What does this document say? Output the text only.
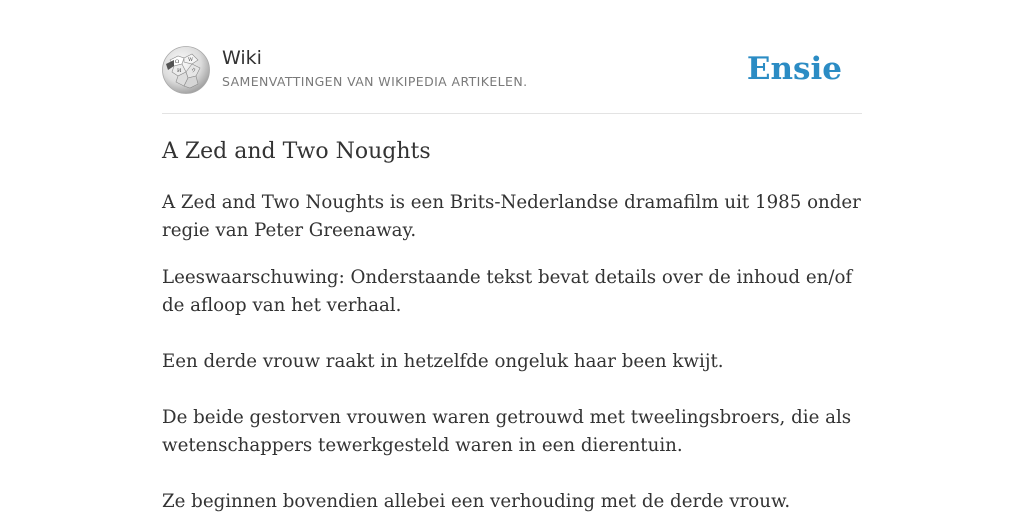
Ω W
И ウ
Wiki
SAMENVATTINGEN VAN WIKIPEDIA ARTIKELEN.	Ensie
A Zed and Two Noughts

A Zed and Two Noughts is een Brits-Nederlandse dramafilm uit 1985 onder regie van Peter Greenaway.

Leeswaarschuwing: Onderstaande tekst bevat details over de inhoud en/of de afloop van het verhaal.

Een derde vrouw raakt in hetzelfde ongeluk haar been kwijt.

De beide gestorven vrouwen waren getrouwd met tweelingsbroers, die als wetenschappers tewerkgesteld waren in een dierentuin.

Ze beginnen bovendien allebei een verhouding met de derde vrouw.
